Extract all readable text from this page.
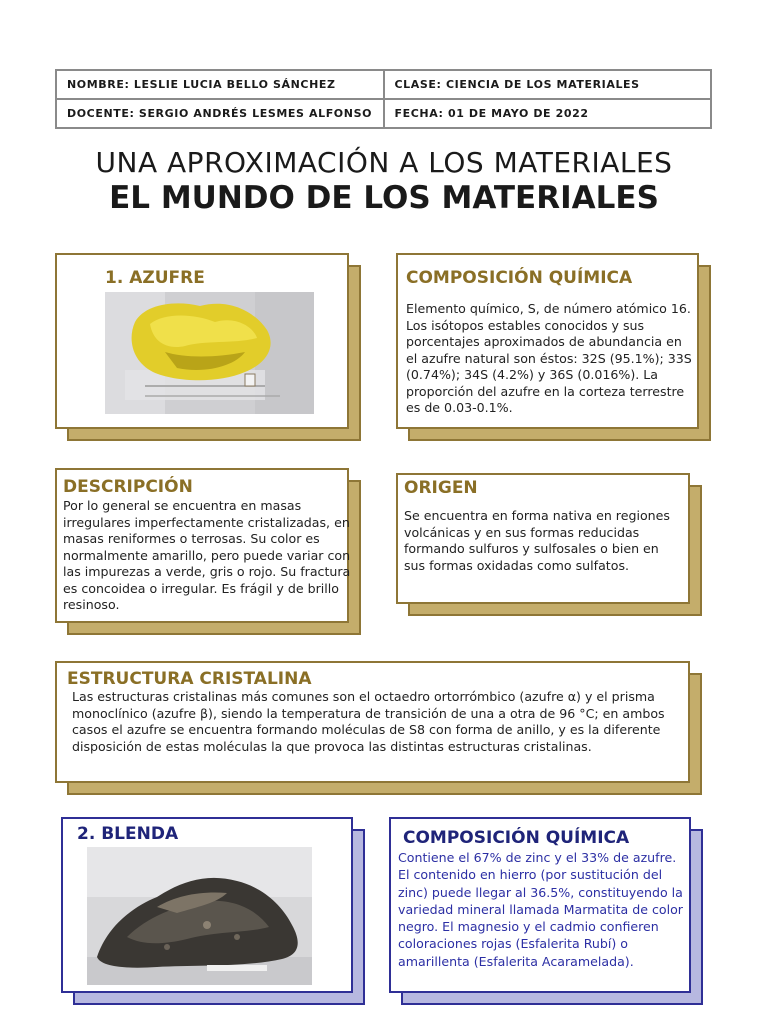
NOMBRE: LESLIE LUCIA BELLO SÁNCHEZ	CLASE: CIENCIA DE LOS MATERIALES
DOCENTE: SERGIO ANDRÉS LESMES ALFONSO	FECHA: 01 DE MAYO DE 2022
UNA APROXIMACIÓN A LOS MATERIALES
EL MUNDO DE LOS MATERIALES
1. AZUFRE	COMPOSICIÓN QUÍMICA
Elemento químico, S, de número atómico 16. Los isótopos estables conocidos y sus porcentajes aproximados de abundancia en el azufre natural son éstos: 32S (95.1%); 33S (0.74%); 34S (4.2%) y 36S (0.016%). La proporción del azufre en la corteza terrestre es de 0.03-0.1%.
DESCRIPCIÓN
Por lo general se encuentra en masas irregulares imperfectamente cristalizadas, en masas reniformes o terrosas. Su color es normalmente amarillo, pero puede variar con las impurezas a verde, gris o rojo. Su fractura es concoidea o irregular. Es frágil y de brillo resinoso.
ORIGEN
Se encuentra en forma nativa en regiones volcánicas y en sus formas reducidas formando sulfuros y sulfosales o bien en sus formas oxidadas como sulfatos.
ESTRUCTURA CRISTALINA
Las estructuras cristalinas más comunes son el octaedro ortorrómbico (azufre α) y el prisma monoclínico (azufre β), siendo la temperatura de transición de una a otra de 96 °C; en ambos casos el azufre se encuentra formando moléculas de S8 con forma de anillo, y es la diferente disposición de estas moléculas la que provoca las distintas estructuras cristalinas.
2. BLENDA	COMPOSICIÓN QUÍMICA
Contiene el 67% de zinc y el 33% de azufre. El contenido en hierro (por sustitución del zinc) puede llegar al 36.5%, constituyendo la variedad mineral llamada Marmatita de color negro. El magnesio y el cadmio confieren coloraciones rojas (Esfalerita Rubí) o amarillenta (Esfalerita Acaramelada).
